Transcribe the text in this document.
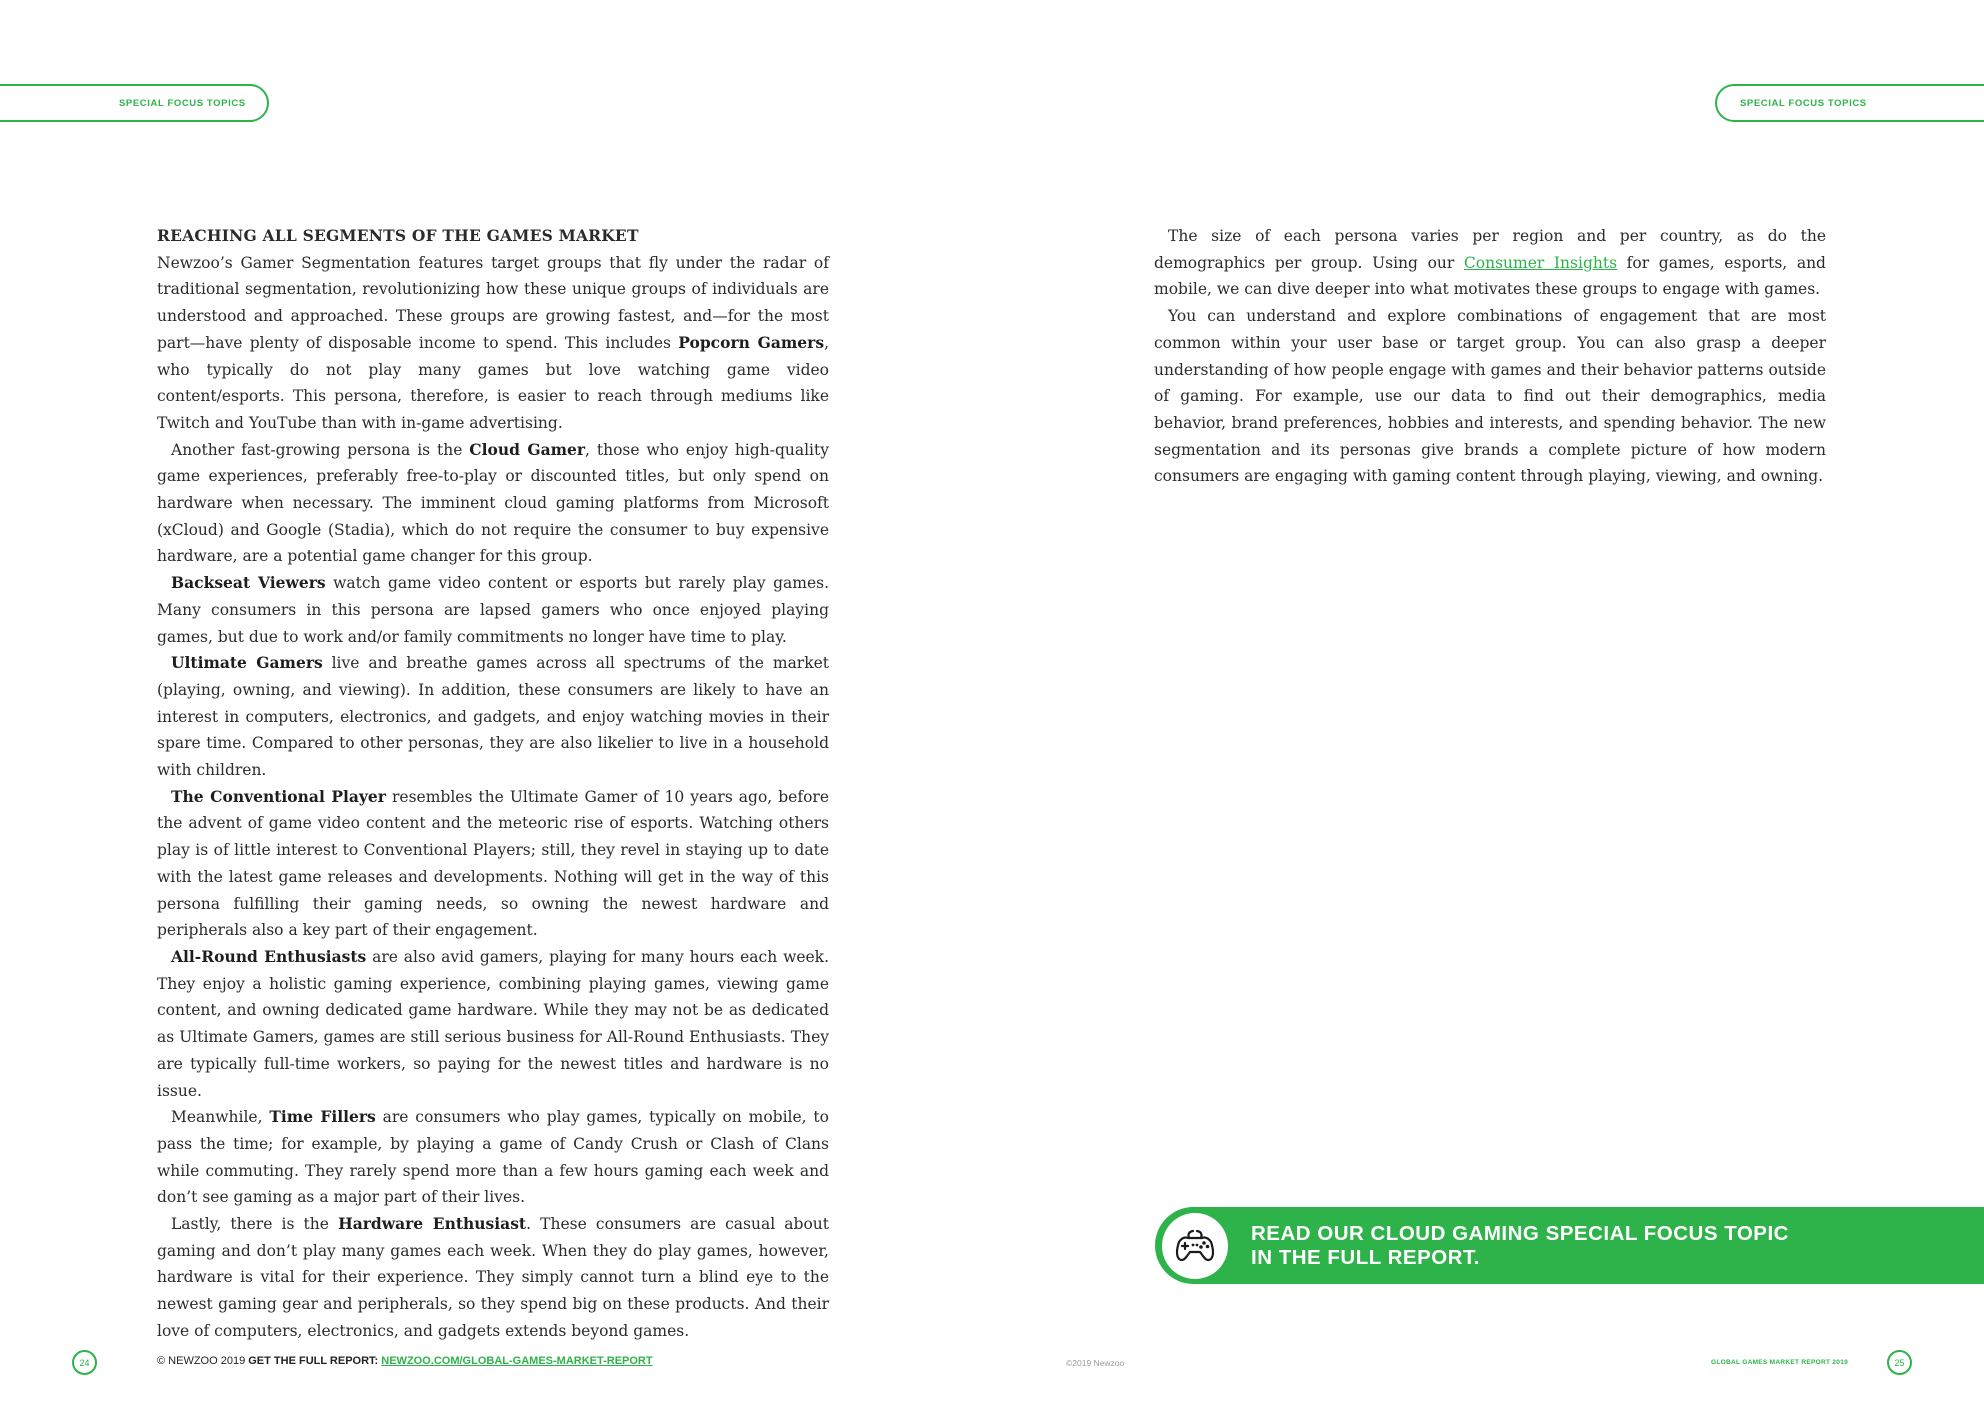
SPECIAL FOCUS TOPICS	SPECIAL FOCUS TOPICS
REACHING ALL SEGMENTS OF THE GAMES MARKET

Newzoo’s Gamer Segmentation features target groups that fly under the radar of traditional segmentation, revolutionizing how these unique groups of individuals are understood and approached. These groups are growing fastest, and—for the most part—have plenty of disposable income to spend. This includes Popcorn Gamers, who typically do not play many games but love watching game video content/esports. This persona, therefore, is easier to reach through mediums like Twitch and YouTube than with in-game advertising.

Another fast-growing persona is the Cloud Gamer, those who enjoy high-quality game experiences, preferably free-to-play or discounted titles, but only spend on hardware when necessary. The imminent cloud gaming platforms from Microsoft (xCloud) and Google (Stadia), which do not require the consumer to buy expensive hardware, are a potential game changer for this group.

Backseat Viewers watch game video content or esports but rarely play games. Many consumers in this persona are lapsed gamers who once enjoyed playing games, but due to work and/or family commitments no longer have time to play.

Ultimate Gamers live and breathe games across all spectrums of the market (playing, owning, and viewing). In addition, these consumers are likely to have an interest in computers, electronics, and gadgets, and enjoy watching movies in their spare time. Compared to other personas, they are also likelier to live in a household with children.

The Conventional Player resembles the Ultimate Gamer of 10 years ago, before the advent of game video content and the meteoric rise of esports. Watching others play is of little interest to Conventional Players; still, they revel in staying up to date with the latest game releases and developments. Nothing will get in the way of this persona fulfilling their gaming needs, so owning the newest hardware and peripherals also a key part of their engagement.

All-Round Enthusiasts are also avid gamers, playing for many hours each week. They enjoy a holistic gaming experience, combining playing games, viewing game content, and owning dedicated game hardware. While they may not be as dedicated as Ultimate Gamers, games are still serious business for All-Round Enthusiasts. They are typically full-time workers, so paying for the newest titles and hardware is no issue.

Meanwhile, Time Fillers are consumers who play games, typically on mobile, to pass the time; for example, by playing a game of Candy Crush or Clash of Clans while commuting. They rarely spend more than a few hours gaming each week and don’t see gaming as a major part of their lives.

Lastly, there is the Hardware Enthusiast. These consumers are casual about gaming and don’t play many games each week. When they do play games, however, hardware is vital for their experience. They simply cannot turn a blind eye to the newest gaming gear and peripherals, so they spend big on these products. And their love of computers, electronics, and gadgets extends beyond games.

The size of each persona varies per region and per country, as do the demographics per group. Using our Consumer Insights for games, esports, and mobile, we can dive deeper into what motivates these groups to engage with games.

You can understand and explore combinations of engagement that are most common within your user base or target group. You can also grasp a deeper understanding of how people engage with games and their behavior patterns outside of gaming. For example, use our data to find out their demographics, media behavior, brand preferences, hobbies and interests, and spending behavior. The new segmentation and its personas give brands a complete picture of how modern consumers are engaging with gaming content through playing, viewing, and owning.

READ OUR CLOUD GAMING SPECIAL FOCUS TOPIC
IN THE FULL REPORT.
24	© NEWZOO 2019 GET THE FULL REPORT: NEWZOO.COM/GLOBAL-GAMES-MARKET-REPORT	©2019 Newzoo	GLOBAL GAMES MARKET REPORT 2019	25
